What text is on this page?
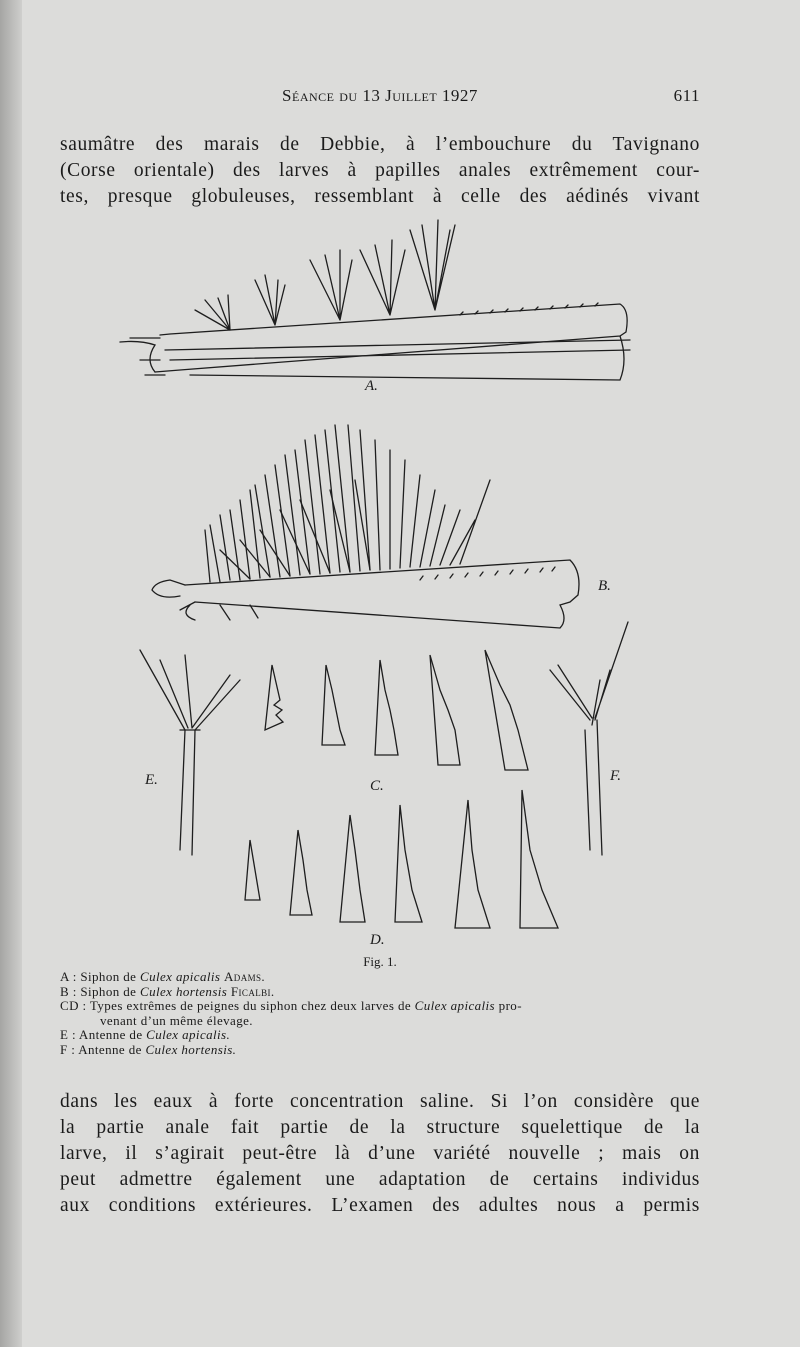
Séance du 13 Juillet 1927	611
saumâtre des marais de Debbie, à l’embouchure du Tavignano
(Corse orientale) des larves à papilles anales extrêmement cour-
tes, presque globuleuses, ressemblant à celle des aédinés vivant
A.
B.
C.
D.
E.	F.
Fig. 1.
A : Siphon de Culex apicalis Adams.
B : Siphon de Culex hortensis Ficalbi.
CD : Types extrêmes de peignes du siphon chez deux larves de Culex apicalis pro-
venant d’un même élevage.
E : Antenne de Culex apicalis.
F : Antenne de Culex hortensis.
dans les eaux à forte concentration saline. Si l’on considère que
la partie anale fait partie de la structure squelettique de la
larve, il s’agirait peut-être là d’une variété nouvelle ; mais on
peut admettre également une adaptation de certains individus
aux conditions extérieures. L’examen des adultes nous a permis
